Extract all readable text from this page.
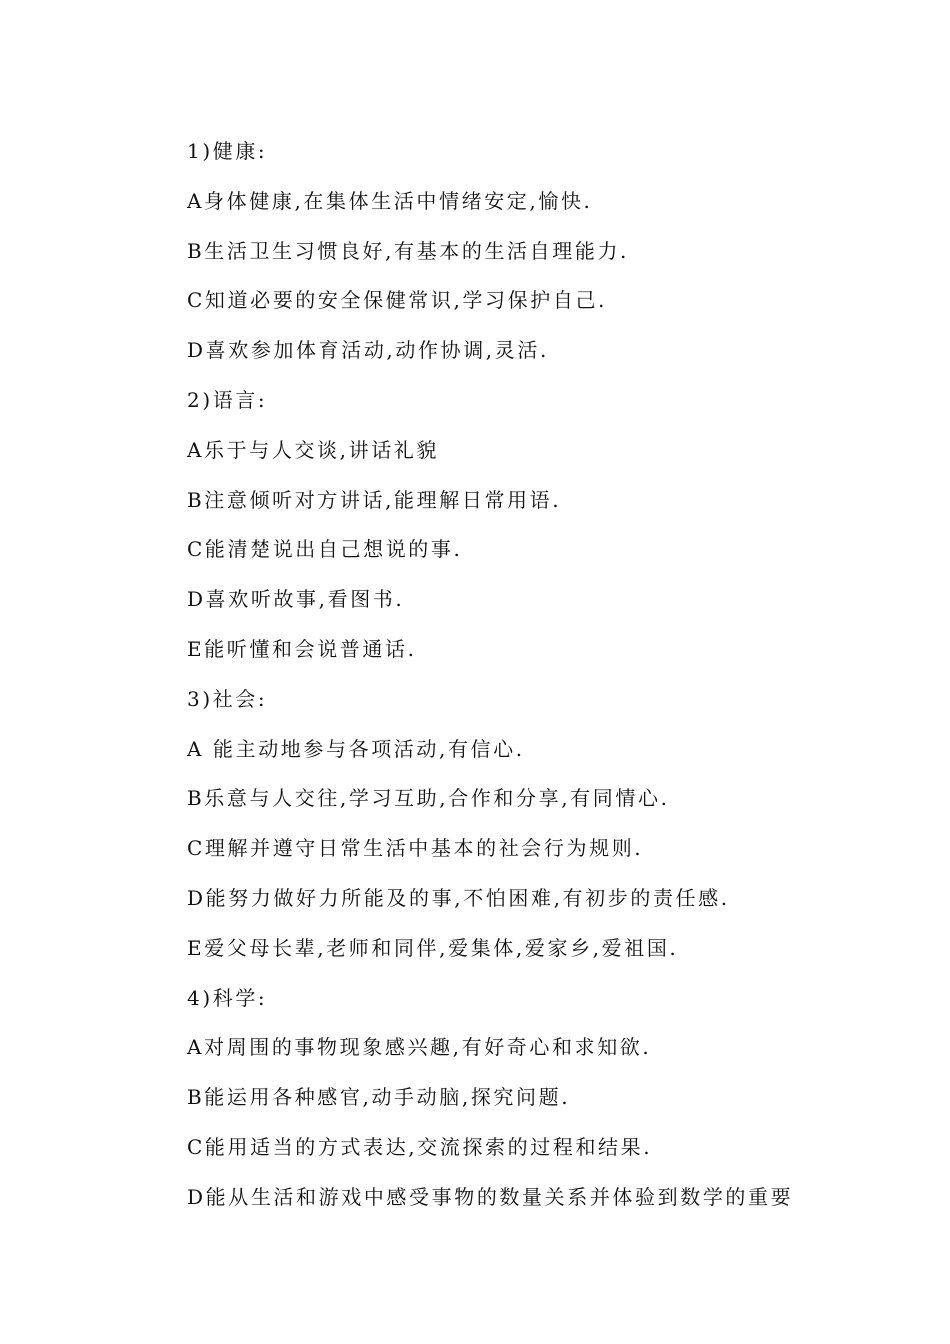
1)健康:
A身体健康,在集体生活中情绪安定,愉快.
B生活卫生习惯良好,有基本的生活自理能力.
C知道必要的安全保健常识,学习保护自己.
D喜欢参加体育活动,动作协调,灵活.
2)语言:
A乐于与人交谈,讲话礼貌
B注意倾听对方讲话,能理解日常用语.
C能清楚说出自己想说的事.
D喜欢听故事,看图书.
E能听懂和会说普通话.
3)社会:
A 能主动地参与各项活动,有信心.
B乐意与人交往,学习互助,合作和分享,有同情心.
C理解并遵守日常生活中基本的社会行为规则.
D能努力做好力所能及的事,不怕困难,有初步的责任感.
E爱父母长辈,老师和同伴,爱集体,爱家乡,爱祖国.
4)科学:
A对周围的事物现象感兴趣,有好奇心和求知欲.
B能运用各种感官,动手动脑,探究问题.
C能用适当的方式表达,交流探索的过程和结果.
D能从生活和游戏中感受事物的数量关系并体验到数学的重要
